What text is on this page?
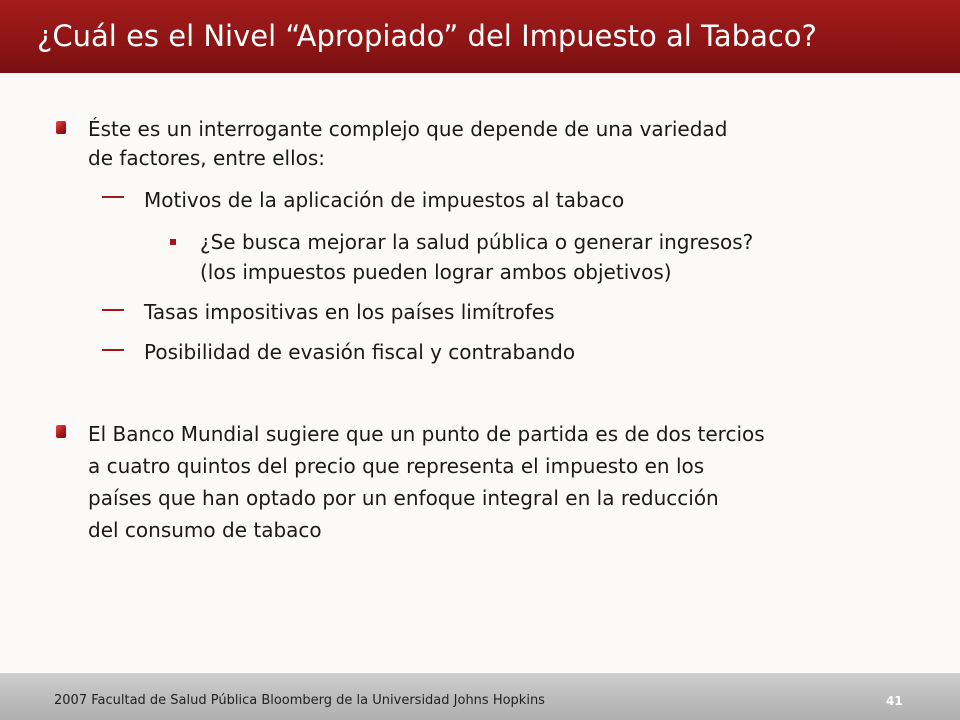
¿Cuál es el Nivel “Apropiado” del Impuesto al Tabaco?
Éste es un interrogante complejo que depende de una variedad
de factores, entre ellos:
Motivos de la aplicación de impuestos al tabaco
¿Se busca mejorar la salud pública o generar ingresos?
(los impuestos pueden lograr ambos objetivos)
Tasas impositivas en los países limítrofes
Posibilidad de evasión fiscal y contrabando
El Banco Mundial sugiere que un punto de partida es de dos tercios
a cuatro quintos del precio que representa el impuesto en los
países que han optado por un enfoque integral en la reducción
del consumo de tabaco
2007 Facultad de Salud Pública Bloomberg de la Universidad Johns Hopkins	41
